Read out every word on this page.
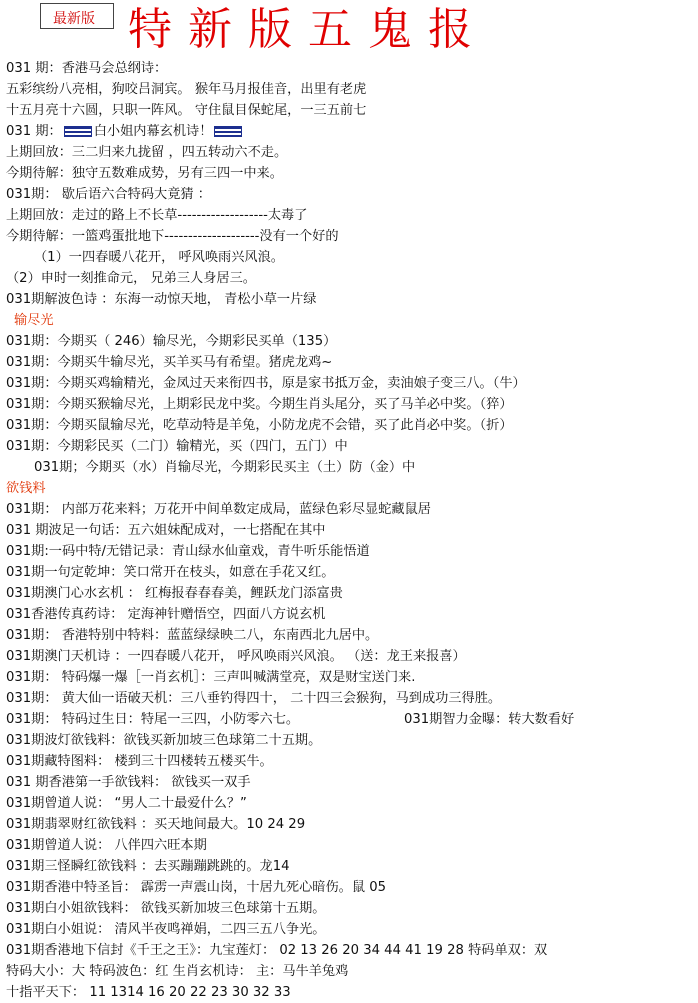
最新版 特新版五鬼报
031 期：香港马会总纲诗：
五彩缤纷八亮相，狗咬吕洞宾。 猴年马月报佳音，出里有老虎
十五月亮十六圆，只职一阵风。 守住鼠目保蛇尾，一三五前七
031 期： 白小姐内幕玄机诗！
上期回放：三二归来九拢留 ，四五转动六不走。
今期待解：独守五数难成势，另有三四一中来。
031期： 歇后语六合特码大竟猜 ：
上期回放：走过的路上不长草-------------------太毒了
今期待解：一篮鸡蛋批地下--------------------没有一个好的
（1）一四春暖八花开， 呼风唤雨兴风浪。
（2）申时一刻推命元， 兄弟三人身居三。
031期解波色诗 ：东海一动惊天地， 青松小草一片绿
输尽光
031期：今期买（ 246）输尽光，今期彩民买单（135）
031期：今期买牛输尽光，买羊买马有希望。猪虎龙鸡~
031期：今期买鸡输精光，金凤过天来衔四书，原是家书抵万金，卖油娘子变三八。（牛）
031期：今期买猴输尽光，上期彩民龙中奖。今期生肖头尾分，买了马羊必中奖。（猝）
031期：今期买鼠输尽光，吃草动特是羊兔，小防龙虎不会错，买了此肖必中奖。（折）
031期：今期彩民买（二门）输精光，买（四门，五门）中
031期；今期买（水）肖输尽光，今期彩民买主（土）防（金）中
欲钱料
031期： 内部万花来料；万花开中间单数定成局，蓝绿色彩尽显蛇藏鼠居
031 期波足一句话：五六姐妹配成对，一七搭配在其中
031期:一码中特/无错记录：青山绿水仙童戏，青牛听乐能悟道
031期一句定乾坤：笑口常开在枝头，如意在手花又红。
031期澳门心水玄机 ： 红梅报春春春美，鲤跃龙门添富贵
031香港传真药诗： 定海神针赠悟空，四面八方说玄机
031期： 香港特别中特料：蓝蓝绿绿映二八，东南西北九居中。
031期澳门天机诗 ：一四春暖八花开， 呼风唤雨兴风浪。 （送：龙王来报喜）
031期： 特码爆一爆［一肖玄机］：三声叫喊满堂亮，双是财宝送门来.
031期： 黄大仙一语破天机：三八垂钓得四十， 二十四三会猴狗，马到成功三得胜。
031期： 特码过生日：特尾一三四，小防零六七。	031期智力金曝：转大数看好
031期波灯欲钱料：欲钱买新加坡三色球第二十五期。
031期藏特图料： 楼到三十四楼转五楼买牛。
031 期香港第一手欲钱料： 欲钱买一双手
031期曾道人说： “男人二十最爱什么？”
031期翡翠财红欲钱料 ：买天地间最大。10 24 29
031期曾道人说： 八伴四六旺本期
031期三怪瞬红欲钱料 ：去买蹦蹦跳跳的。龙14
031期香港中特圣旨： 霹雳一声震山岗，十居九死心暗伤。鼠 05
031期白小姐欲钱料： 欲钱买新加坡三色球第十五期。
031期白小姐说： 清风半夜鸣禅娟，二四三五八争光。
031期香港地下信封《千王之王》：九宝莲灯： 02 13 26 20 34 44 41 19 28 特码单双：双
特码大小：大 特码波色：红 生肖玄机诗： 主：马牛羊兔鸡
十指平天下： 11 1314 16 20 22 23 30 32 33
